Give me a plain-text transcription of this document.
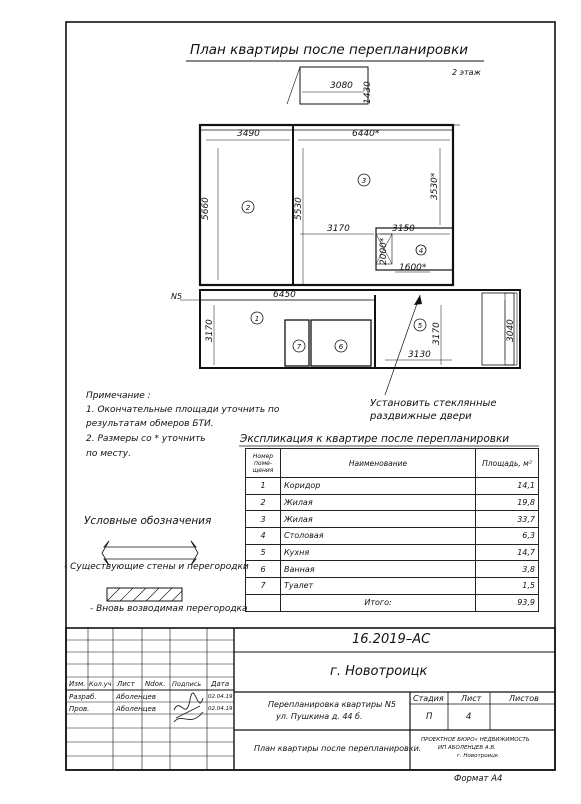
3080 1430
3490	6440*
5660	5530
3530*
3170	3150
2000*
1600*
6450
3170	3170	3040
3130
N5
2
3
4
1
5
7	6
План квартиры после перепланировки
2 этаж
Установить стеклянные раздвижные двери
Примечание :
1. Окончательные площади уточнить по
результатам обмеров БТИ.
2. Размеры со * уточнить
по месту.
Условные обозначения
- Существующие стены и перегородки
- Вновь возводимая перегородка
Экспликация к квартире после перепланировки
Номер поме- щения	Наименование	Площадь, м²
1	Коридор	14,1
2	Жилая	19,8
3	Жилая	33,7
4	Столовая	6,3
5	Кухня	14,7
6	Ванная	3,8
7	Туалет	1,5
	Итого:	93,9
16.2019–АС
г. Новотроицк
Изм. Кол.уч Лист Ndок. Подпись Дата
Разраб.	Аболенцев	02.04.19
Пров.	Аболенцев	02.04.19	Перепланировка квартиры N5
ул. Пушкина д. 44 б.
Стадия Лист	Листов
П	4
План квартиры после перепланировки.
ПРОЕКТНОЕ БЮРО« НЕДВИЖИМОСТЬ
ИП АБОЛЕНЦЕВ А.В.
г. Новотроицк
Формат А4
